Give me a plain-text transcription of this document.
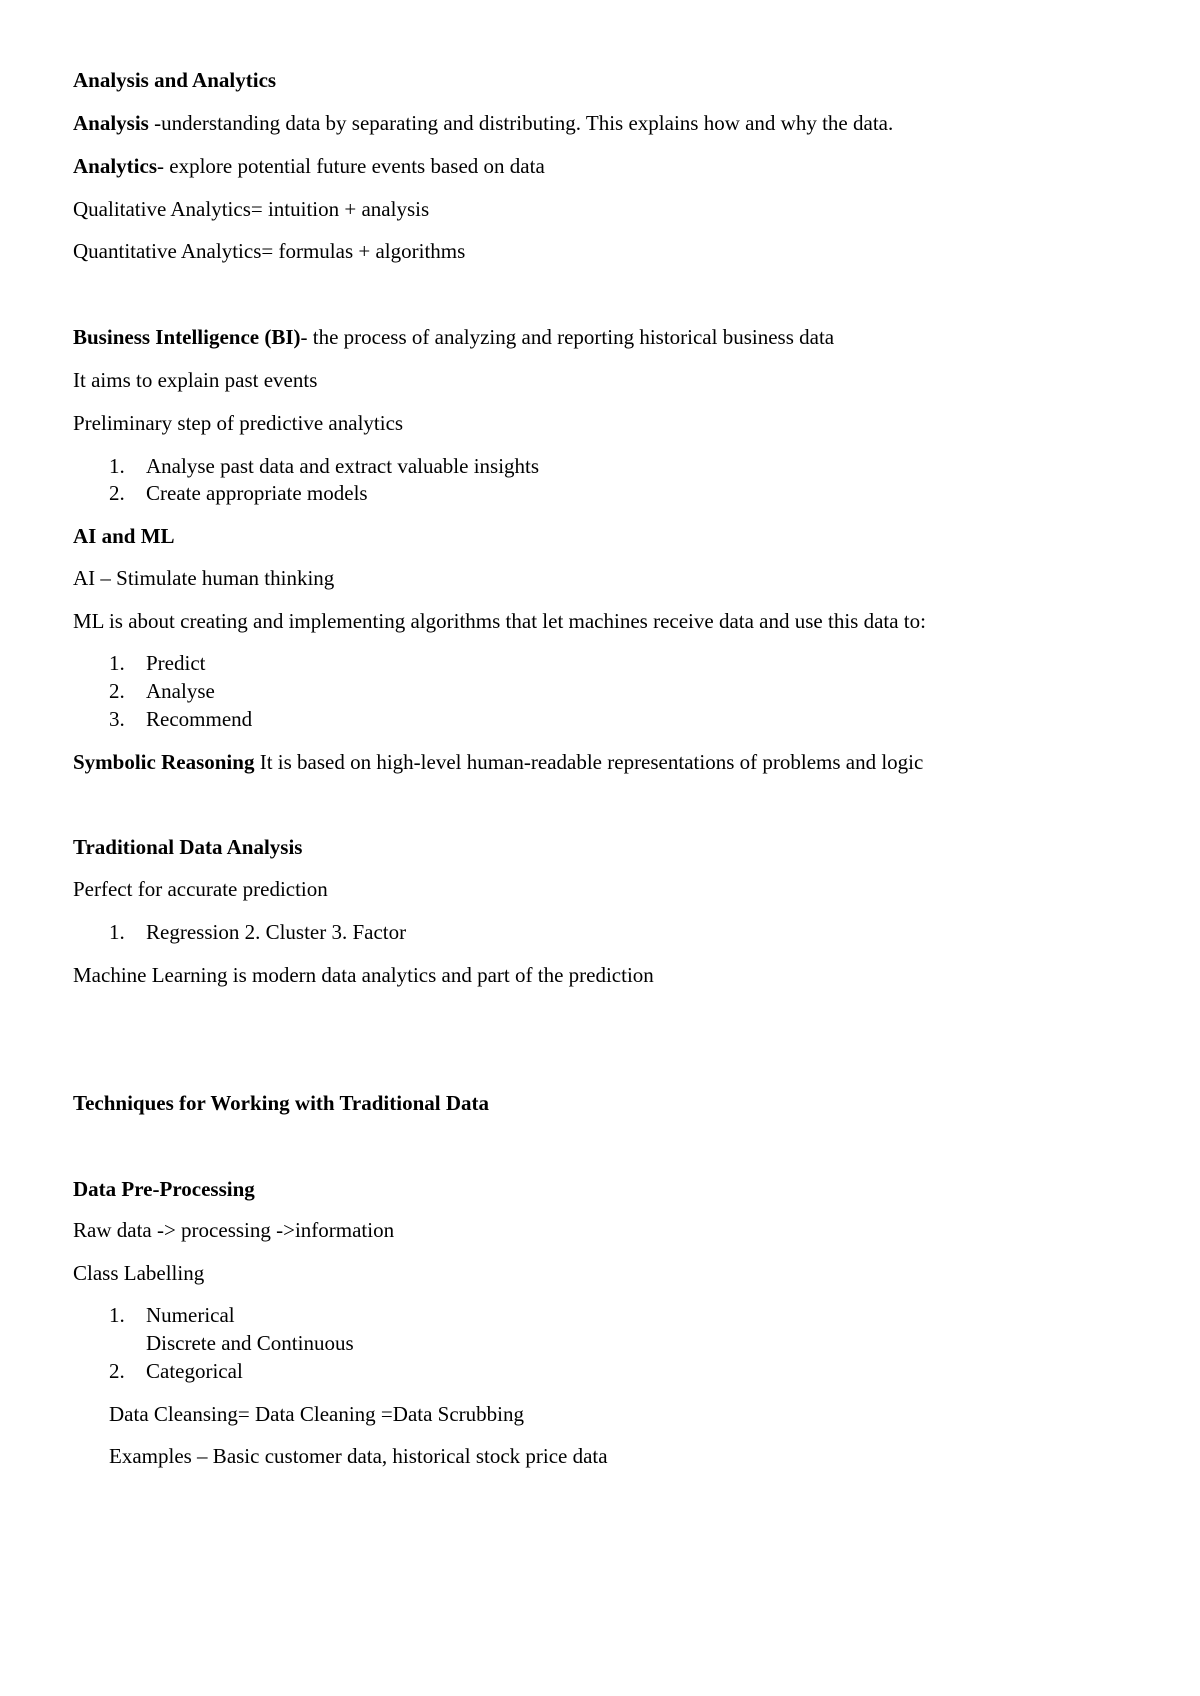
Analysis and Analytics

Analysis -understanding data by separating and distributing. This explains how and why the data.

Analytics- explore potential future events based on data

Qualitative Analytics= intuition + analysis

Quantitative Analytics= formulas + algorithms

Business Intelligence (BI)- the process of analyzing and reporting historical business data

It aims to explain past events

Preliminary step of predictive analytics

1. Analyse past data and extract valuable insights

2. Create appropriate models

AI and ML

AI – Stimulate human thinking

ML is about creating and implementing algorithms that let machines receive data and use this data to:

1. Predict

2. Analyse

3. Recommend

Symbolic Reasoning It is based on high-level human-readable representations of problems and logic

Traditional Data Analysis

Perfect for accurate prediction

1. Regression 2. Cluster 3. Factor

Machine Learning is modern data analytics and part of the prediction

Techniques for Working with Traditional Data

Data Pre-Processing

Raw data -> processing ->information

Class Labelling

1. Numerical

Discrete and Continuous

2. Categorical

Data Cleansing= Data Cleaning =Data Scrubbing

Examples – Basic customer data, historical stock price data
